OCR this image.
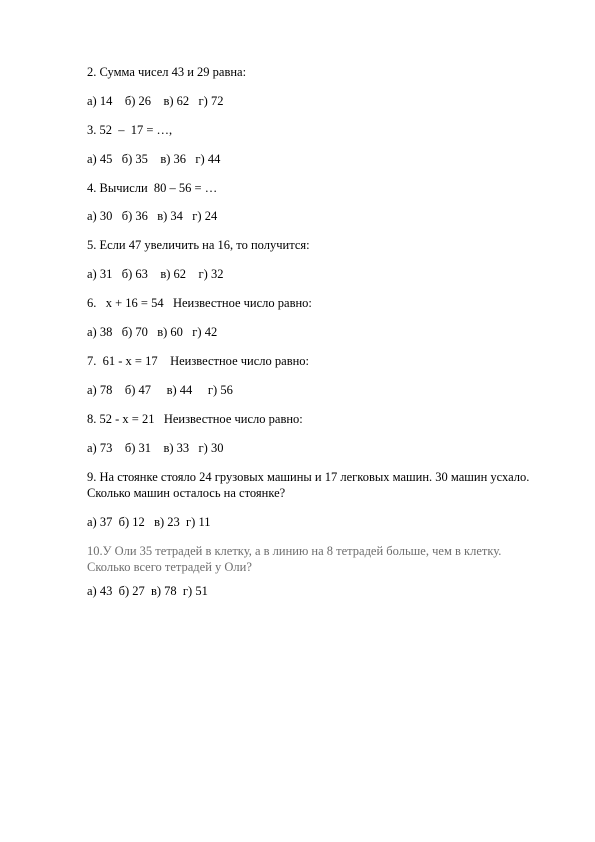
2. Сумма чисел 43 и 29 равна:
а) 14    б) 26    в) 62   г) 72
3. 52  –  17 = …,
а) 45   б) 35    в) 36   г) 44
4. Вычисли  80 – 56 = …
а) 30   б) 36   в) 34   г) 24
5. Если 47 увеличить на 16, то получится:
а) 31   б) 63    в) 62    г) 32
6.   x + 16 = 54   Неизвестное число равно:
а) 38   б) 70   в) 60   г) 42
7.  61 - x = 17    Неизвестное число равно:
а) 78    б) 47     в) 44     г) 56
8. 52 - x = 21   Неизвестное число равно:
а) 73    б) 31    в) 33   г) 30
9. На стоянке стояло 24 грузовых машины и 17 легковых машин. 30 машин усхало. Сколько машин осталось на стоянке?
а) 37  б) 12   в) 23  г) 11
10.У Оли 35 тетрадей в клетку, а в линию на 8 тетрадей больше, чем в клетку. Сколько всего тетрадей у Оли?
а) 43  б) 27  в) 78  г) 51
